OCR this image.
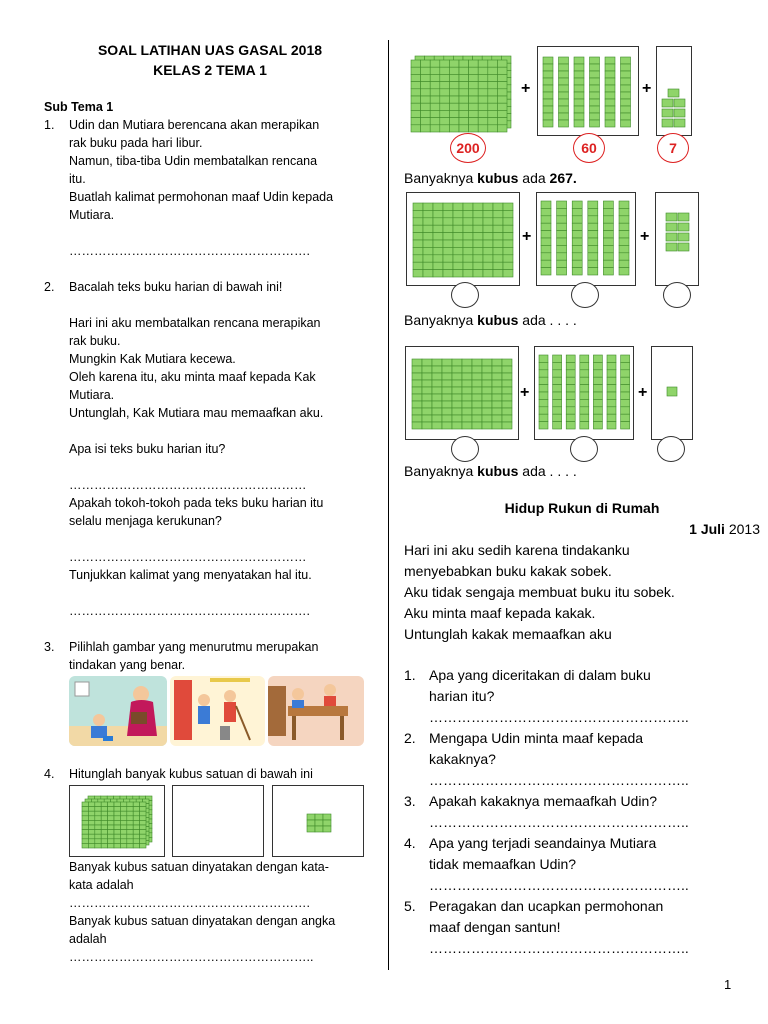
SOAL LATIHAN UAS GASAL 2018
KELAS 2 TEMA 1
Sub Tema 1
1. Udin dan Mutiara berencana akan merapikan
rak buku pada hari libur.
Namun, tiba-tiba Udin membatalkan rencana
itu.
Buatlah kalimat permohonan maaf Udin kepada
Mutiara.
………………………………………………….
2. Bacalah teks buku harian di bawah ini!
Hari ini aku membatalkan rencana merapikan
rak buku.
Mungkin Kak Mutiara kecewa.
Oleh karena itu, aku minta maaf kepada Kak
Mutiara.
Untunglah, Kak Mutiara mau memaafkan aku.
Apa isi teks buku harian itu?
…………………………………………………
Apakah tokoh-tokoh pada teks buku harian itu
selalu menjaga kerukunan?
…………………………………………………
Tunjukkan kalimat yang menyatakan hal itu.
………………………………………………….
3. Pilihlah gambar yang menurutmu merupakan
tindakan yang benar.
4. Hitunglah banyak kubus satuan di bawah ini
Banyak kubus satuan dinyatakan dengan kata-
kata adalah
………………………………………………….
Banyak kubus satuan dinyatakan dengan angka
adalah
…………………………………………………..
+	+
200	60	7
Banyaknya kubus ada 267.
+	+
Banyaknya kubus ada . . . .
+	+
Banyaknya kubus ada . . . .
Hidup Rukun di Rumah
1 Juli 2013
Hari ini aku sedih karena tindakanku
menyebabkan buku kakak sobek.
Aku tidak sengaja membuat buku itu sobek.
Aku minta maaf kepada kakak.
Untunglah kakak memaafkan aku
1. Apa yang diceritakan di dalam buku
harian itu?
………………………………………………..
2. Mengapa Udin minta maaf kepada
kakaknya?
………………………………………………..
3. Apakah kakaknya memaafkah Udin?
………………………………………………..
4. Apa yang terjadi seandainya Mutiara
tidak memaafkan Udin?
………………………………………………..
5. Peragakan dan ucapkan permohonan
maaf dengan santun!
………………………………………………..
1
